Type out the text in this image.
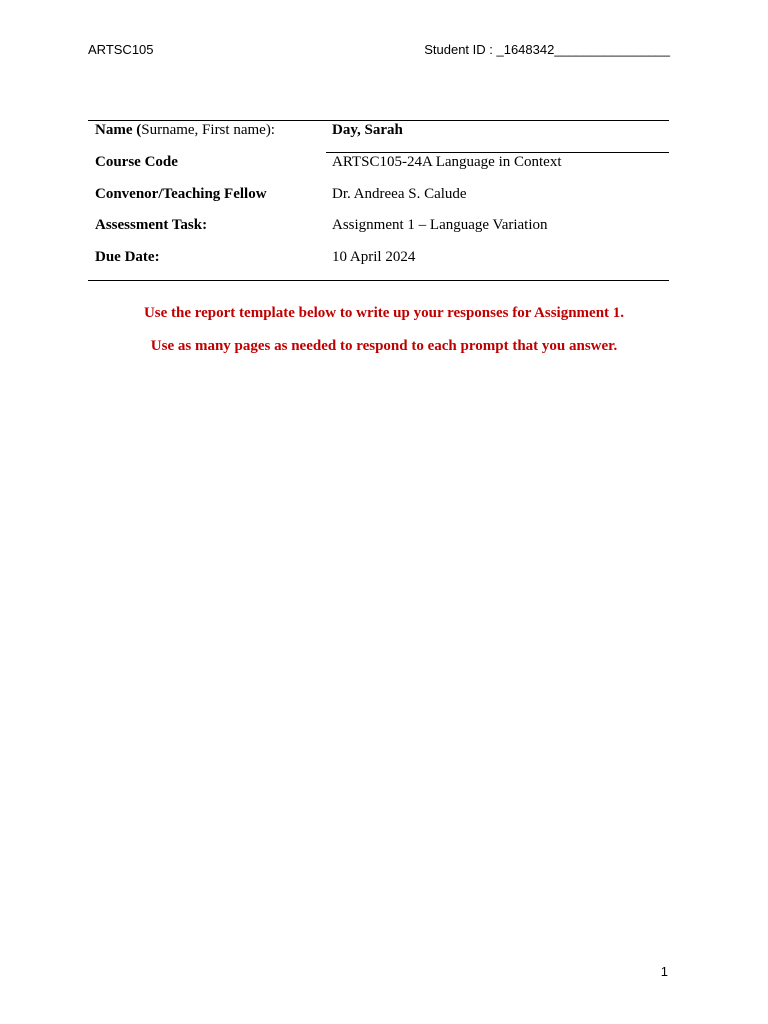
ARTSC105	Student ID : _1648342________________
Name (Surname, First name):	Day, Sarah
Course Code	ARTSC105-24A Language in Context
Convenor/Teaching Fellow	Dr. Andreea S. Calude
Assessment Task:	Assignment 1 – Language Variation
Due Date:	10 April 2024
Use the report template below to write up your responses for Assignment 1.
Use as many pages as needed to respond to each prompt that you answer.
1
